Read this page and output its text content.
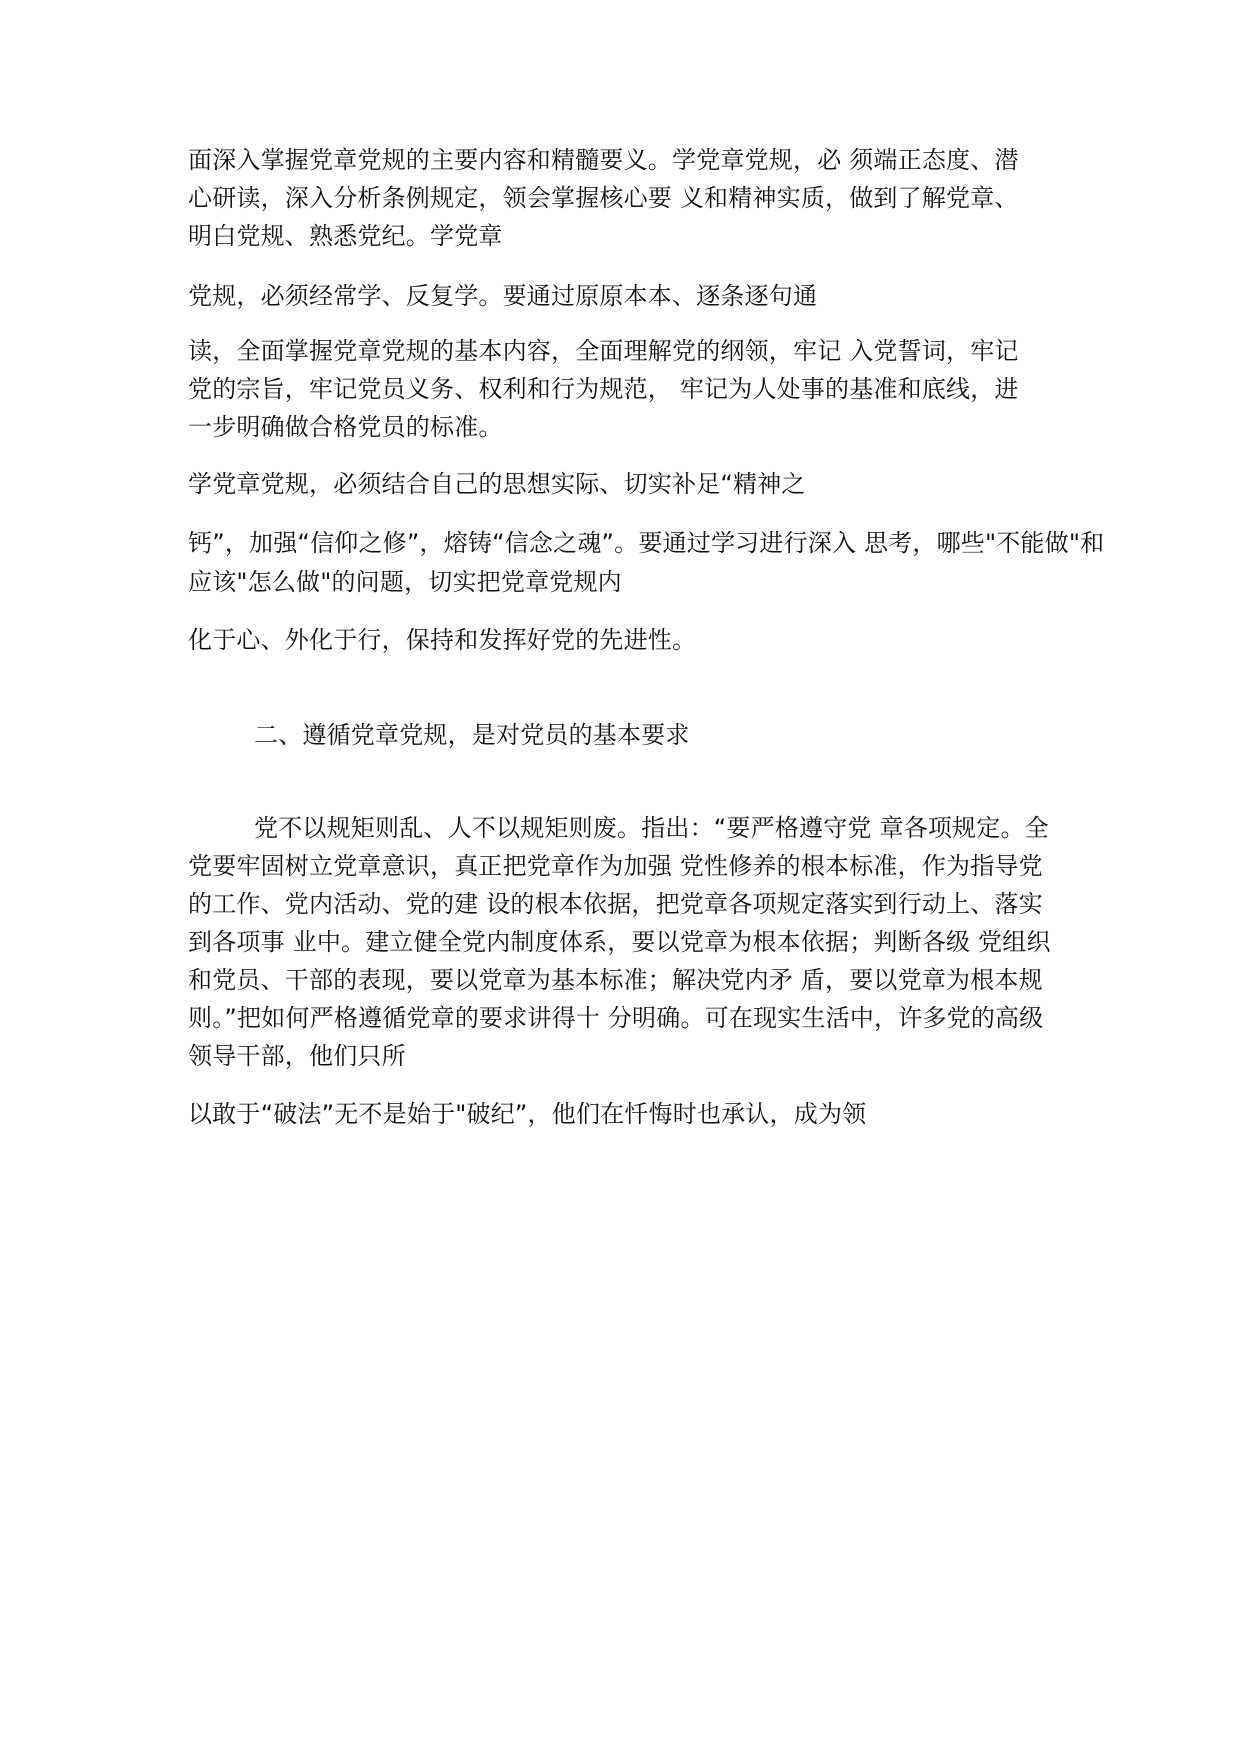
面深入掌握党章党规的主要内容和精髓要义。学党章党规，必 须端正态度、潜
心研读，深入分析条例规定，领会掌握核心要 义和精神实质，做到了解党章、
明白党规、熟悉党纪。学党章
党规，必须经常学、反复学。要通过原原本本、逐条逐句通
读，全面掌握党章党规的基本内容，全面理解党的纲领，牢记 入党誓词，牢记
党的宗旨，牢记党员义务、权利和行为规范， 牢记为人处事的基准和底线，进
一步明确做合格党员的标准。
学党章党规，必须结合自己的思想实际、切实补足“精神之
钙”，加强“信仰之修”，熔铸“信念之魂”。要通过学习进行深入 思考，哪些"不能做"和
应该"怎么做"的问题，切实把党章党规内
化于心、外化于行，保持和发挥好党的先进性。
二、遵循党章党规，是对党员的基本要求
党不以规矩则乱、人不以规矩则废。指出：“要严格遵守党 章各项规定。全
党要牢固树立党章意识，真正把党章作为加强 党性修养的根本标准，作为指导党
的工作、党内活动、党的建 设的根本依据，把党章各项规定落实到行动上、落实
到各项事 业中。建立健全党内制度体系，要以党章为根本依据；判断各级 党组织
和党员、干部的表现，要以党章为基本标准；解决党内矛 盾，要以党章为根本规
则。”把如何严格遵循党章的要求讲得十 分明确。可在现实生活中，许多党的高级
领导干部，他们只所
以敢于“破法”无不是始于"破纪”，他们在忏悔时也承认，成为领
